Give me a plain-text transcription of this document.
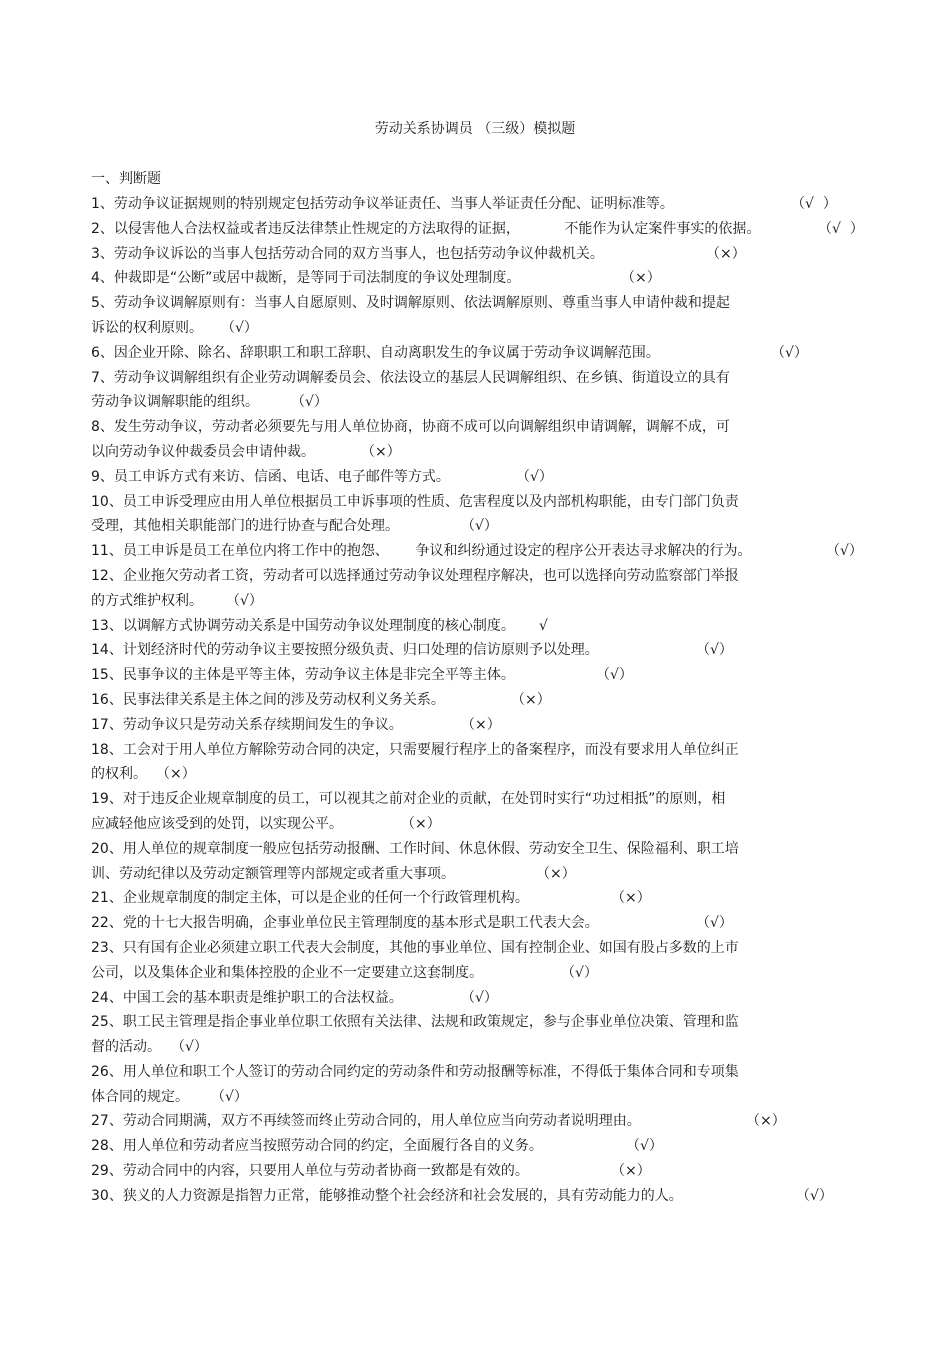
劳动关系协调员 （三级）模拟题
一、判断题
1、劳动争议证据规则的特别规定包括劳动争议举证责任、当事人举证责任分配、证明标准等。	（√  ）
2、以侵害他人合法权益或者违反法律禁止性规定的方法取得的证据，          不能作为认定案件事实的依据。	（√  ）
3、劳动争议诉讼的当事人包括劳动合同的双方当事人，也包括劳动争议仲裁机关。	（×）
4、仲裁即是“公断”或居中裁断，是等同于司法制度的争议处理制度。	（×）
5、劳动争议调解原则有：当事人自愿原则、及时调解原则、依法调解原则、尊重当事人申请仲裁和提起
诉讼的权利原则。 （√）
6、因企业开除、除名、辞职职工和职工辞职、自动离职发生的争议属于劳动争议调解范围。	（√）
7、劳动争议调解组织有企业劳动调解委员会、依法设立的基层人民调解组织、在乡镇、街道设立的具有
劳动争议调解职能的组织。 （√）
8、发生劳动争议，劳动者必须要先与用人单位协商，协商不成可以向调解组织申请调解，调解不成，可
以向劳动争议仲裁委员会申请仲裁。	（×）
9、员工申诉方式有来访、信函、电话、电子邮件等方式。	（√）
10、员工申诉受理应由用人单位根据员工申诉事项的性质、危害程度以及内部机构职能，由专门部门负责
受理，其他相关职能部门的进行协查与配合处理。	（√）
11、员工申诉是员工在单位内将工作中的抱怨、      争议和纠纷通过设定的程序公开表达寻求解决的行为。	（√）
12、企业拖欠劳动者工资，劳动者可以选择通过劳动争议处理程序解决，也可以选择向劳动监察部门举报
的方式维护权利。 （√）
13、以调解方式协调劳动关系是中国劳动争议处理制度的核心制度。 √
14、计划经济时代的劳动争议主要按照分级负责、归口处理的信访原则予以处理。	（√）
15、民事争议的主体是平等主体，劳动争议主体是非完全平等主体。	（√）
16、民事法律关系是主体之间的涉及劳动权利义务关系。	（×）
17、劳动争议只是劳动关系存续期间发生的争议。	（×）
18、工会对于用人单位方解除劳动合同的决定，只需要履行程序上的备案程序，而没有要求用人单位纠正
的权利。 （×）
19、对于违反企业规章制度的员工，可以视其之前对企业的贡献，在处罚时实行“功过相抵”的原则，相
应减轻他应该受到的处罚，以实现公平。	（×）
20、用人单位的规章制度一般应包括劳动报酬、工作时间、休息休假、劳动安全卫生、保险福利、职工培
训、劳动纪律以及劳动定额管理等内部规定或者重大事项。	（×）
21、企业规章制度的制定主体，可以是企业的任何一个行政管理机构。	（×）
22、党的十七大报告明确，企事业单位民主管理制度的基本形式是职工代表大会。	（√）
23、只有国有企业必须建立职工代表大会制度，其他的事业单位、国有控制企业、如国有股占多数的上市
公司，以及集体企业和集体控股的企业不一定要建立这套制度。	（√）
24、中国工会的基本职责是维护职工的合法权益。	（√）
25、职工民主管理是指企事业单位职工依照有关法律、法规和政策规定，参与企事业单位决策、管理和监
督的活动。 （√）
26、用人单位和职工个人签订的劳动合同约定的劳动条件和劳动报酬等标准，不得低于集体合同和专项集
体合同的规定。 （√）
27、劳动合同期满，双方不再续签而终止劳动合同的，用人单位应当向劳动者说明理由。	（×）
28、用人单位和劳动者应当按照劳动合同的约定，全面履行各自的义务。	（√）
29、劳动合同中的内容，只要用人单位与劳动者协商一致都是有效的。	（×）
30、狭义的人力资源是指智力正常，能够推动整个社会经济和社会发展的，具有劳动能力的人。	（√）
